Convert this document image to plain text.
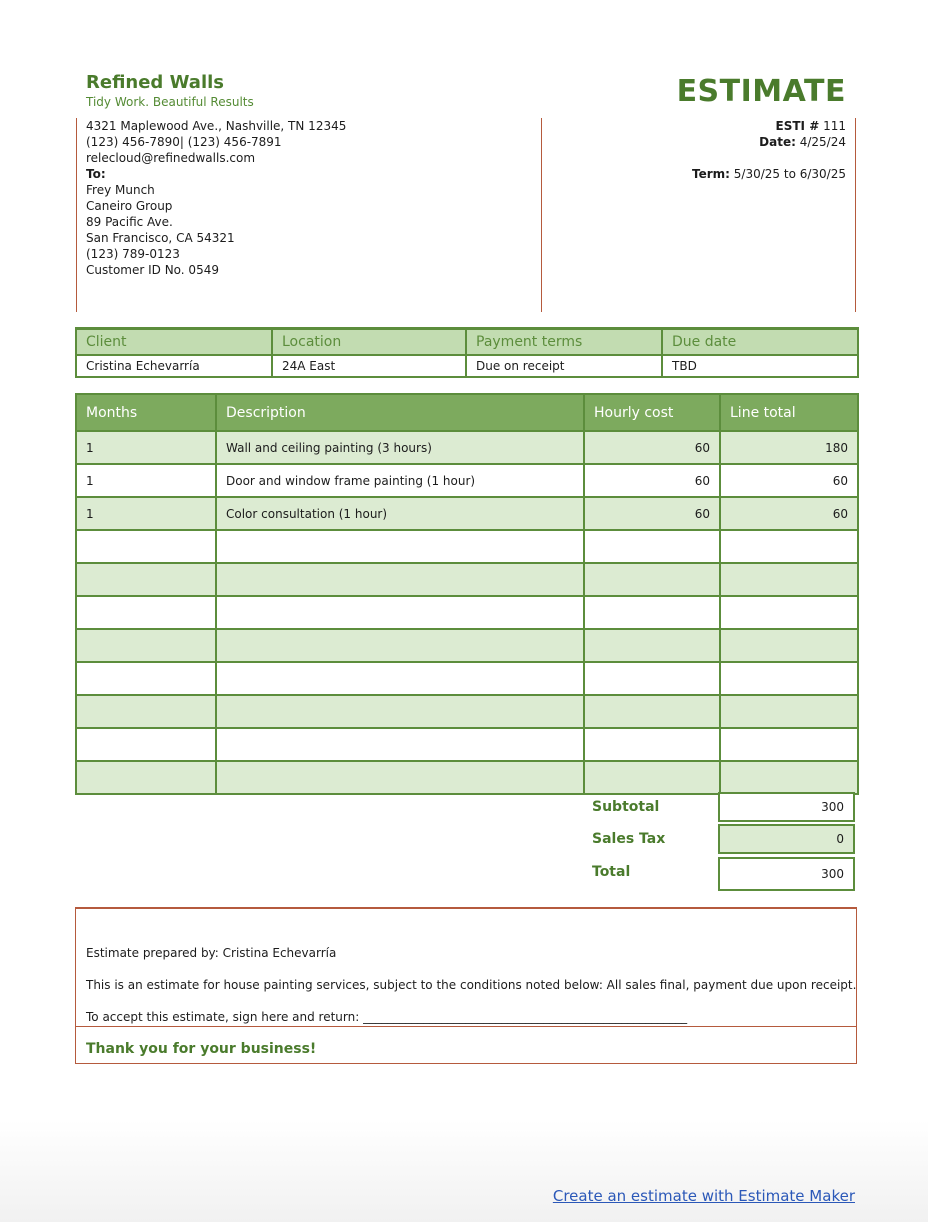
Refined Walls
Tidy Work. Beautiful Results	ESTIMATE
4321 Maplewood Ave., Nashville, TN 12345
(123) 456-7890| (123) 456-7891
relecloud@refinedwalls.com
To:
Frey Munch
Caneiro Group
89 Pacific Ave.
San Francisco, CA 54321
(123) 789-0123
Customer ID No. 0549
ESTI # 111
Date: 4/25/24

Term: 5/30/25 to 6/30/25
Client	Location	Payment terms	Due date
Cristina Echevarría	24A East	Due on receipt	TBD
Months	Description	Hourly cost	Line total
1	Wall and ceiling painting (3 hours)	60	180
1	Door and window frame painting (1 hour)	60	60
1	Color consultation (1 hour)	60	60

Subtotal	300
Sales Tax	0
Total	300
Estimate prepared by: Cristina Echevarría
This is an estimate for house painting services, subject to the conditions noted below: All sales final, payment due upon receipt.
To accept this estimate, sign here and return: ______________________________________________________
Thank you for your business!
Create an estimate with Estimate Maker
